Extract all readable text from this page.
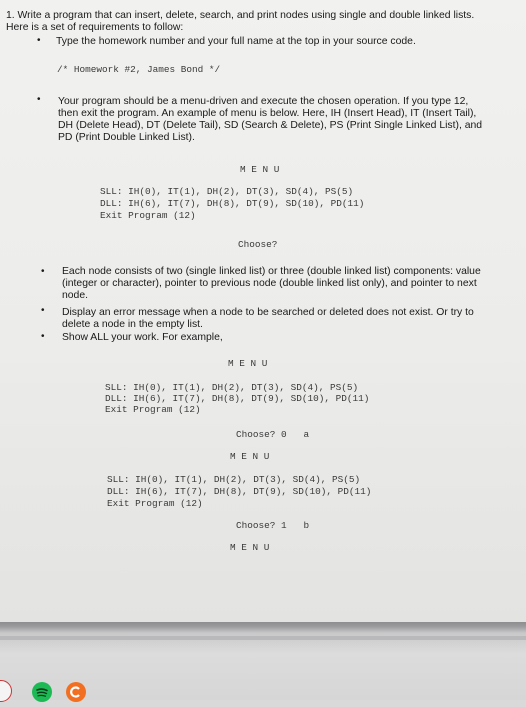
1. Write a program that can insert, delete, search, and print nodes using single and double linked lists.

Here is a set of requirements to follow:

• Type the homework number and your full name at the top in your source code.

/* Homework #2, James Bond */

• Your program should be a menu-driven and execute the chosen operation. If you type 12,

then exit the program. An example of menu is below. Here, IH (Insert Head), IT (Insert Tail),

DH (Delete Head), DT (Delete Tail), SD (Search & Delete), PS (Print Single Linked List), and

PD (Print Double Linked List).

M E N U

SLL: IH(0), IT(1), DH(2), DT(3), SD(4), PS(5)

DLL: IH(6), IT(7), DH(8), DT(9), SD(10), PD(11)

Exit Program (12)

Choose?

• Each node consists of two (single linked list) or three (double linked list) components: value

(integer or character), pointer to previous node (double linked list only), and pointer to next

node.

• Display an error message when a node to be searched or deleted does not exist. Or try to

delete a node in the empty list.

• Show ALL your work. For example,

M E N U

SLL: IH(0), IT(1), DH(2), DT(3), SD(4), PS(5)

DLL: IH(6), IT(7), DH(8), DT(9), SD(10), PD(11)

Exit Program (12)

Choose? 0   a

M E N U

SLL: IH(0), IT(1), DH(2), DT(3), SD(4), PS(5)

DLL: IH(6), IT(7), DH(8), DT(9), SD(10), PD(11)

Exit Program (12)

Choose? 1   b

M E N U
